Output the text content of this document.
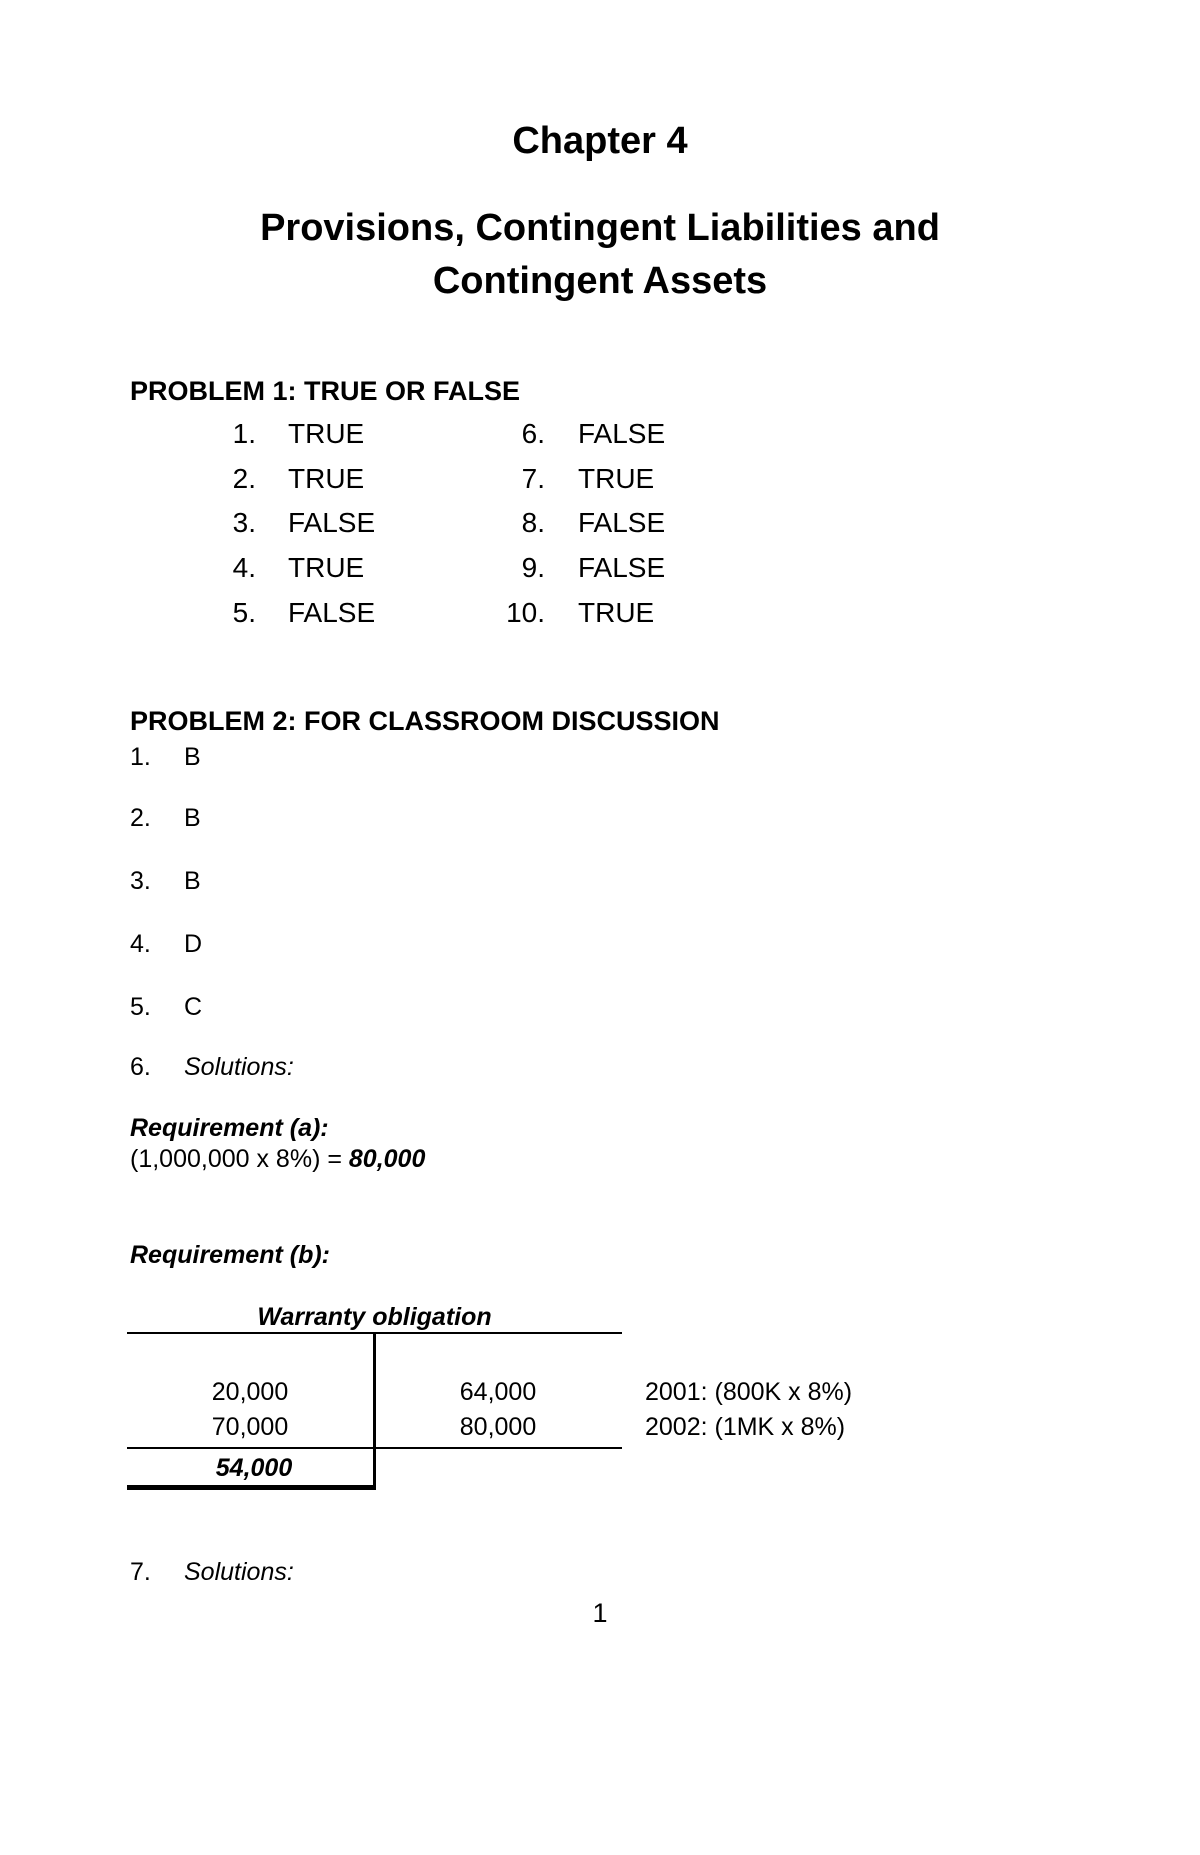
Chapter 4
Provisions, Contingent Liabilities and
Contingent Assets
PROBLEM 1: TRUE OR FALSE
1. TRUE
2. TRUE
3. FALSE
4. TRUE
5. FALSE
6. FALSE
7. TRUE
8. FALSE
9. FALSE
10. TRUE
PROBLEM 2: FOR CLASSROOM DISCUSSION
1. B
2. B
3. B
4. D
5. C
6. Solutions:
Requirement (a):
(1,000,000 x 8%) = 80,000
Requirement (b):
Warranty obligation
20,000
70,000
64,000
80,000
2001: (800K x 8%)
2002: (1MK x 8%)
54,000
7. Solutions:
1
